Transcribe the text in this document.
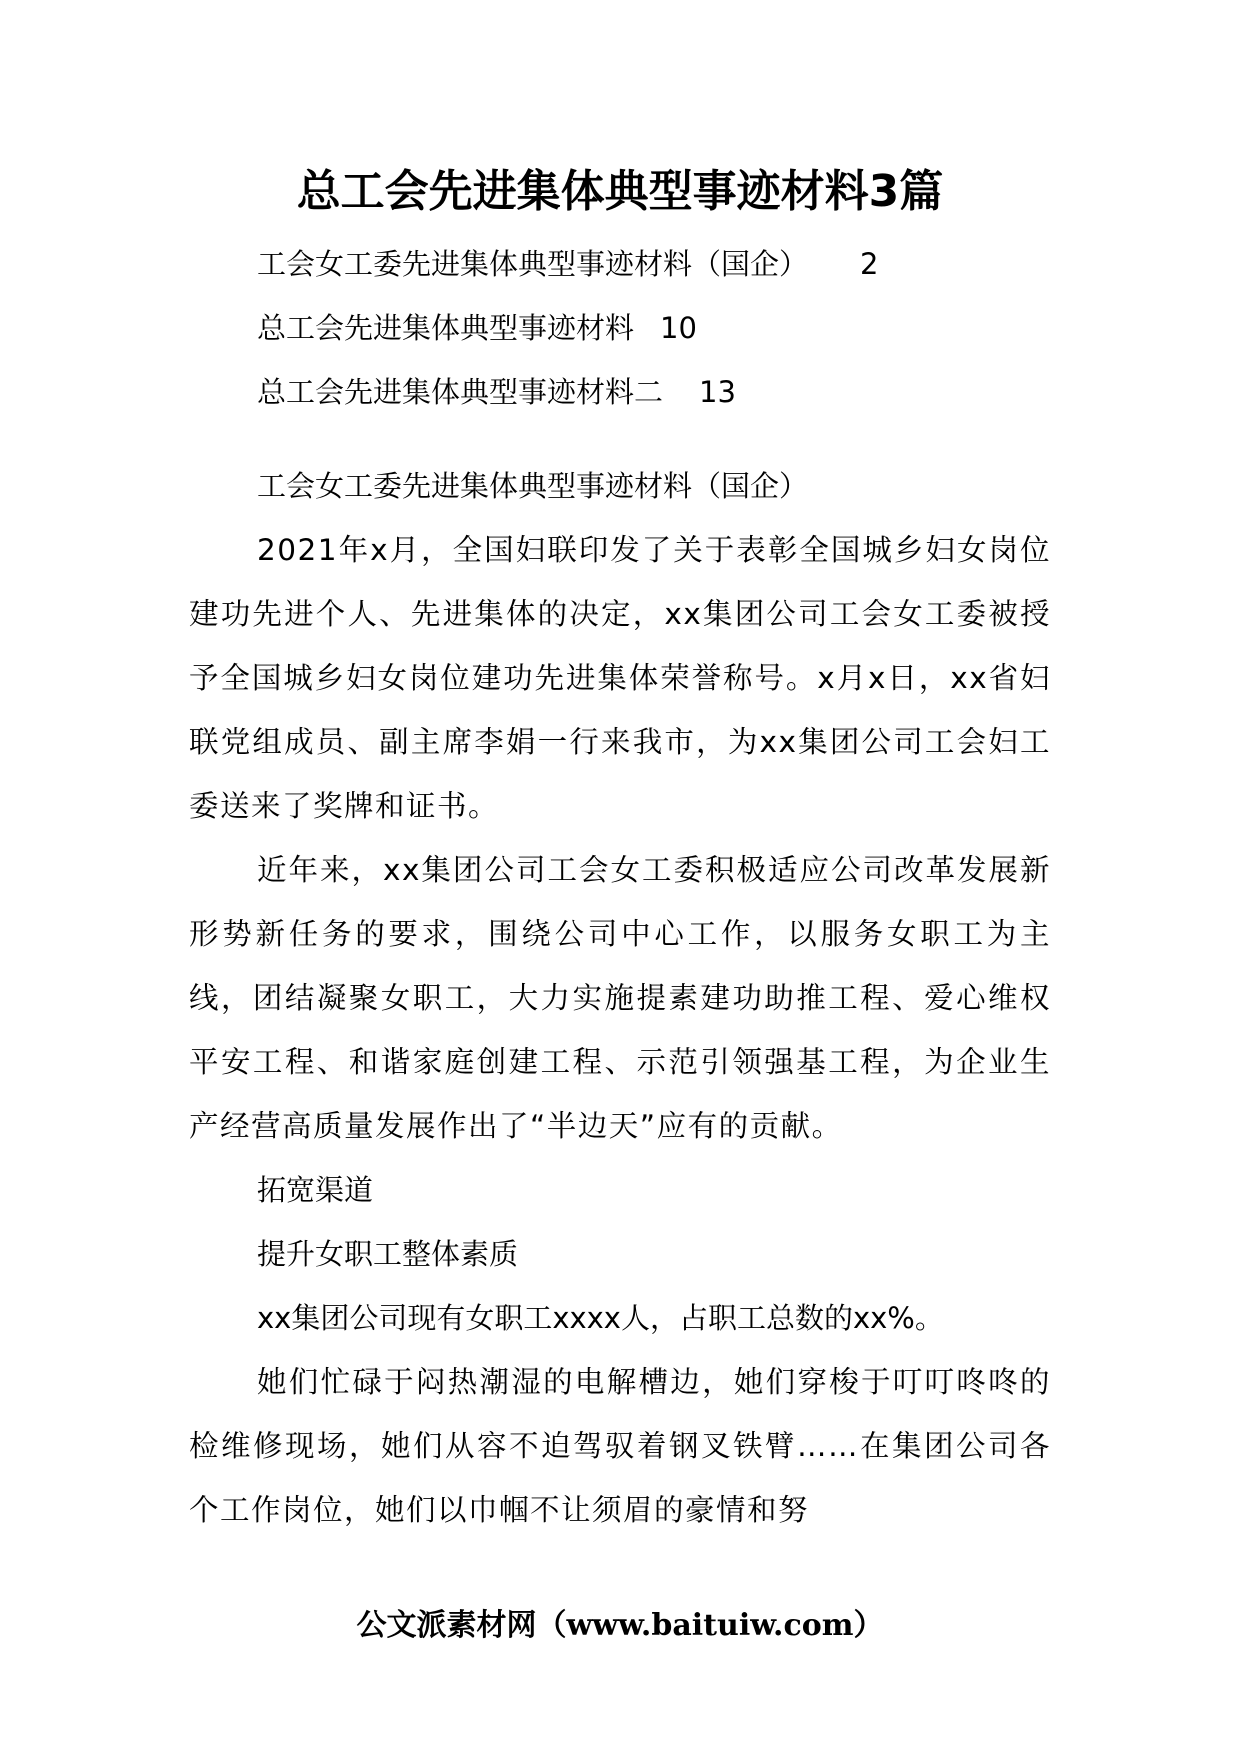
总工会先进集体典型事迹材料3篇
工会女工委先进集体典型事迹材料（国企） 2
总工会先进集体典型事迹材料 10
总工会先进集体典型事迹材料二 13
工会女工委先进集体典型事迹材料（国企）

2021年x月，全国妇联印发了关于表彰全国城乡妇女岗位建功先进个人、先进集体的决定，xx集团公司工会女工委被授予全国城乡妇女岗位建功先进集体荣誉称号。x月x日，xx省妇联党组成员、副主席李娟一行来我市，为xx集团公司工会妇工委送来了奖牌和证书。

近年来，xx集团公司工会女工委积极适应公司改革发展新形势新任务的要求，围绕公司中心工作，以服务女职工为主线，团结凝聚女职工，大力实施提素建功助推工程、爱心维权平安工程、和谐家庭创建工程、示范引领强基工程，为企业生产经营高质量发展作出了“半边天”应有的贡献。

拓宽渠道

提升女职工整体素质

xx集团公司现有女职工xxxx人，占职工总数的xx%。

她们忙碌于闷热潮湿的电解槽边，她们穿梭于叮叮咚咚的检维修现场，她们从容不迫驾驭着钢叉铁臂……在集团公司各个工作岗位，她们以巾帼不让须眉的豪情和努

公文派素材网（www.baituiw.com）
